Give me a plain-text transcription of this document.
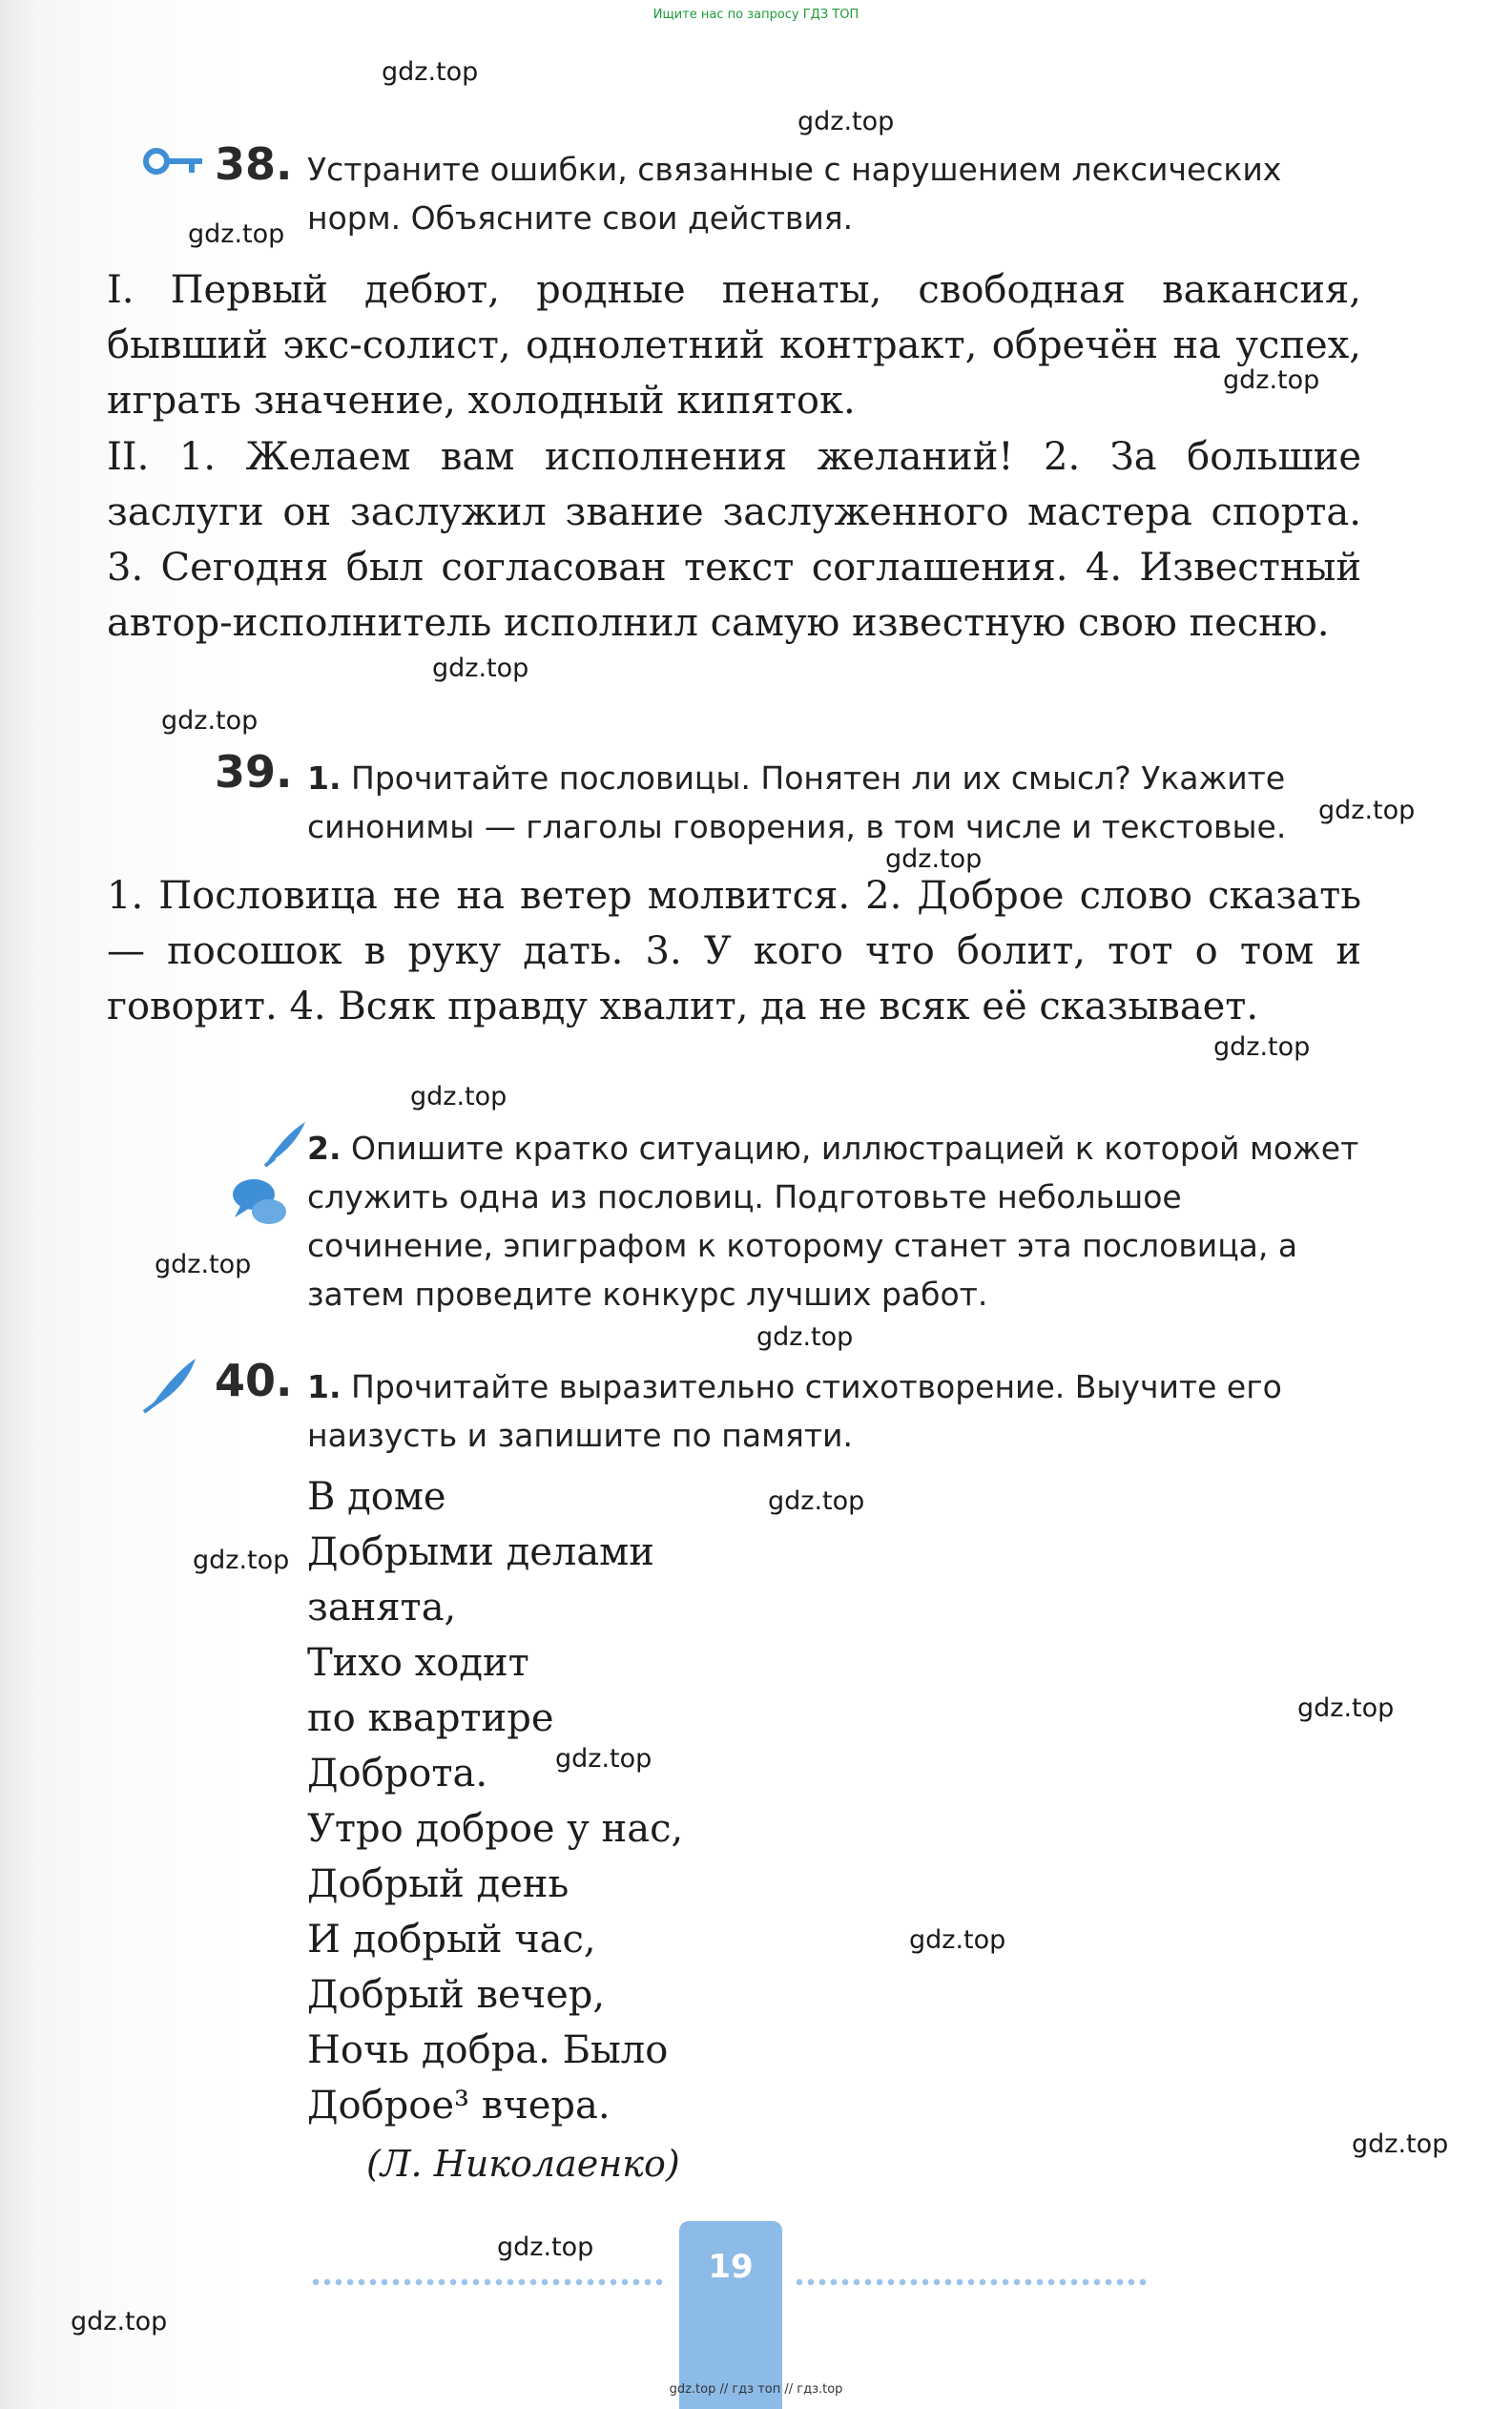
Ищите нас по запросу ГДЗ ТОП
38. Устраните ошибки, связанные с нарушением лексических норм. Объясните свои действия.
I. Первый дебют, родные пенаты, свободная вакансия, бывший экс-солист, однолетний контракт, обречён на успех, играть значение, холодный кипяток.
II. 1. Желаем вам исполнения желаний! 2. За большие заслуги он заслужил звание заслуженного мастера спорта. 3. Сегодня был согласован текст соглашения. 4. Известный автор-исполнитель исполнил самую известную свою песню.
39. 1. Прочитайте пословицы. Понятен ли их смысл? Укажите синонимы — глаголы говорения, в том числе и текстовые.
1. Пословица не на ветер молвится. 2. Доброе слово сказать — посошок в руку дать. 3. У кого что болит, тот о том и говорит. 4. Всяк правду хвалит, да не всяк её сказывает.
2. Опишите кратко ситуацию, иллюстрацией к которой может служить одна из пословиц. Подготовьте небольшое сочинение, эпиграфом к которому станет эта пословица, а затем проведите конкурс лучших работ.
40. 1. Прочитайте выразительно стихотворение. Выучите его наизусть и запишите по памяти.
В доме
Добрыми делами
занята,
Тихо ходит
по квартире
Доброта.
Утро доброе у нас,
Добрый день
И добрый час,
Добрый вечер,
Ночь добра. Было
Доброе³ вчера.
(Л. Николаенко)
19
gdz.top
gdz.top
gdz.top
gdz.top
gdz.top
gdz.top
gdz.top
gdz.top
gdz.top
gdz.top
gdz.top
gdz.top
gdz.top
gdz.top
gdz.top
gdz.top
gdz.top
gdz.top
gdz.top
gdz.top
gdz.top // гдз топ // гдз.top
